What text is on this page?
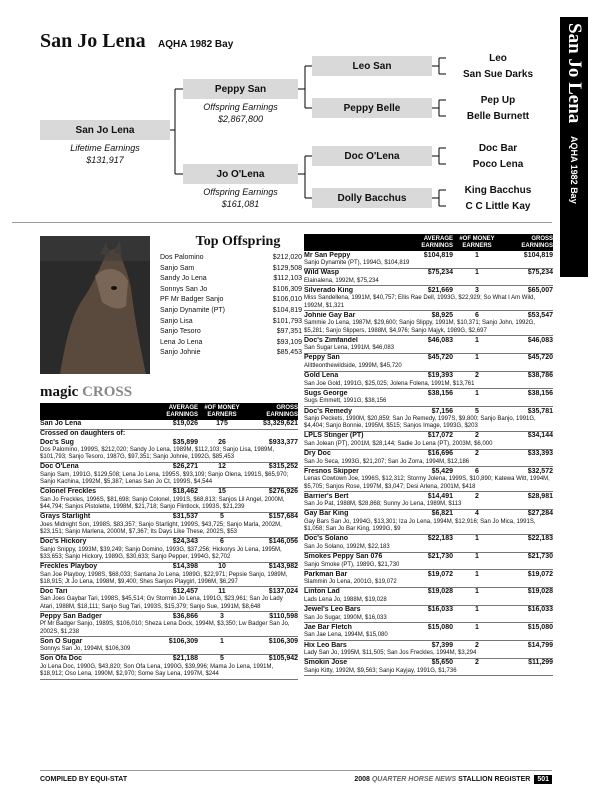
San Jo Lena AQHA 1982 Bay	San Jo Lena AQHA 1982 Bay
San Jo Lena
Lifetime Earnings
$131,917
Peppy San
Offspring Earnings
$2,867,800
Jo O'Lena
Offspring Earnings
$161,081
Leo San
Peppy Belle
Doc O'Lena
Dolly Bacchus
Leo
San Sue Darks
Pep Up
Belle Burnett
Doc Bar
Poco Lena
King Bacchus
C C Little Kay
Top Offspring
Dos Palomino	$212,020
Sanjo Sam	$129,508
Sandy Jo Lena	$112,103
Sonnys San Jo	$106,309
PF Mr Badger Sanjo	$106,010
Sanjo Dynamite (PT)	$104,819
Sanjo Lisa	$101,793
Sanjo Tesoro	$97,351
Lena Jo Lena	$93,109
Sanjo Johnie	$85,453
magic CROSS
AVERAGE EARNINGS
#OF MONEY EARNERS
GROSS EARNINGS
San Jo Lena	$19,026	175	$3,329,621
Crossed on daughters of:
Doc's Sug	$35,899	26	$933,377
Dos Palomino, 1999S, $212,020; Sandy Jo Lena, 1989M, $112,103; Sanjo Lisa, 1989M, $101,793; Sanjo Tesoro, 1987G, $97,351; Sanjo Johnie, 1992G, $85,453
Doc O'Lena	$26,271	12	$315,252
Sanjo Sam, 1991G, $129,508; Lena Jo Lena, 1995S, $93,109; Sanjo Olena, 1991S, $65,970; Sanjo Kachina, 1992M, $5,387; Lenas San Jo Ct, 1999S, $4,544
Colonel Freckles	$18,462	15	$276,926
San Jo Freckles, 1996S, $81,698; Sanjo Colonel, 1991S, $68,813; Sanjos Lil Angel, 2000M, $44,794; Sanjos Pistolette, 1998M, $21,718; Sanjo Flintlock, 1993S, $21,239
Grays Starlight	$31,537	5	$157,684
Joes Midnight Son, 1998S, $83,357; Sanjo Starlight, 1999S, $43,725; Sanjo Marla, 2002M, $23,151; Sanjo Marlena, 2000M, $7,367; Its Days Like These, 2002S, $53
Doc's Hickory	$24,343	6	$146,056
Sanjo Snippy, 1993M, $39,249; Sanjo Domino, 1993G, $37,256; Hickorys Jo Lena, 1995M, $33,653; Sanjo Hickory, 1989G, $30,633; Sanjo Pepper, 1994G, $2,702
Freckles Playboy	$14,398	10	$143,982
San Joe Playboy, 1998S, $68,033; Santana Jo Lena, 1989G, $22,971; Pepsie Sanjo, 1989M, $18,915; Jt Jo Lena, 1998M, $9,400; Shes Sanjos Playgirl, 1996M, $6,297
Doc Tari	$12,457	11	$137,024
San Joes Gaybar Tari, 1998S, $45,514; Gv Stormin Jo Lena, 1991G, $23,961; San Jo Lady Atari, 1988M, $18,111; Sanjo Sug Tari, 1993S, $15,379; Sanjo Sue, 1991M, $8,648
Peppy San Badger	$36,866	3	$110,598
Pf Mr Badger Sanjo, 1989S, $106,010; Sheza Lena Dock, 1994M, $3,350; Lw Badger San Jo, 2002S, $1,238
Son O Sugar	$106,309	1	$106,309
Sonnys San Jo, 1994M, $106,309
Son Ofa Doc	$21,188	5	$105,942
Jo Lena Doc, 1990G, $43,820; Son Ofa Lena, 1990G, $39,996; Mama Jo Lena, 1991M, $18,912; Oso Lena, 1990M, $2,970; Some Say Lena, 1997M, $244
AVERAGE EARNINGS
#OF MONEY EARNERS
GROSS EARNINGS
Mr San Peppy	$104,819	1	$104,819
Sanjo Dynamite (PT), 1994G, $104,819
Wild Wasp	$75,234	1	$75,234
Elainalena, 1992M, $75,234
Silverado King	$21,669	3	$65,007
Miss Sandellena, 1991M, $40,757; Ellis Rae Dell, 1993G, $22,929; So What I Am Wild, 1992M, $1,321
Johnie Gay Bar	$8,925	6	$53,547
Sammie Jo Lena, 1987M, $29,600; Sanjo Slippy, 1991M, $10,371; Sanjo John, 1992G, $5,281; Sanjo Slippers, 1988M, $4,976; Sanjo Majyk, 1989G, $2,697
Doc's Zimfandel	$46,083	1	$46,083
San Sugar Lena, 1991M, $46,083
Peppy San	$45,720	1	$45,720
Alittleonthewildside, 1999M, $45,720
Gold Lena	$19,393	2	$38,786
San Joe Gold, 1991G, $25,025; Jolena Folena, 1991M, $13,761
Sugs George	$38,156	1	$38,156
Sugs Emmett, 1991G, $38,156
Doc's Remedy	$7,156	5	$35,781
Sanjo Peckets, 1990M, $20,859; San Jo Remedy, 1997S, $9,800; Sanjo Banjo, 1991G, $4,404; Sanjo Bonnie, 1995M, $515; Sanjos Image, 1993G, $203
LPLS Stinger (PT)	$17,072	2	$34,144
San Jolean (PT), 2001M, $28,144; Sadie Jo Lena (PT), 2003M, $6,000
Dry Doc	$16,696	2	$33,393
San Jo Seca, 1993G, $21,207; San Jo Zorra, 1994M, $12,186
Fresnos Skipper	$5,429	6	$32,572
Lenas Cowtown Joe, 1996S, $12,312; Stormy Jolena, 1999S, $10,890; Katewa Witt, 1994M, $5,705; Sanjos Rose, 1997M, $3,047; Desi Arlena, 2001M, $418
Barrier's Bert	$14,491	2	$28,981
San Jo Pat, 1988M, $28,868; Sunny Jo Lena, 1989M, $113
Gay Bar King	$6,821	4	$27,284
Gay Bars San Jo, 1994G, $13,301; Iza Jo Lena, 1994M, $12,916; San Jo Mica, 1991S, $1,058; San Jo Bar King, 1999G, $9
Doc's Solano	$22,183	1	$22,183
San Jo Solano, 1992M, $22,183
Smokes Peppy San 076	$21,730	1	$21,730
Sanjo Smoke (PT), 1989G, $21,730
Parkman Bar	$19,072	1	$19,072
Slammin Jo Lena, 2001G, $19,072
Linton Lad	$19,028	1	$19,028
Lads Lena Jo, 1988M, $19,028
Jewel's Leo Bars	$16,033	1	$16,033
San Jo Sugar, 1990M, $16,033
Jae Bar Fletch	$15,080	1	$15,080
San Jae Lena, 1994M, $15,080
Hix Leo Bars	$7,399	2	$14,799
Lady San Jo, 1995M, $11,505; San Jos Freckles, 1994M, $3,294
Smokin Jose	$5,650	2	$11,299
Sanjo Kitty, 1992M, $9,563; Sanjo Kayjay, 1991G, $1,736
COMPILED BY EQUI-STAT	2008
QUARTER HORSE NEWS
STALLION REGISTER	501
